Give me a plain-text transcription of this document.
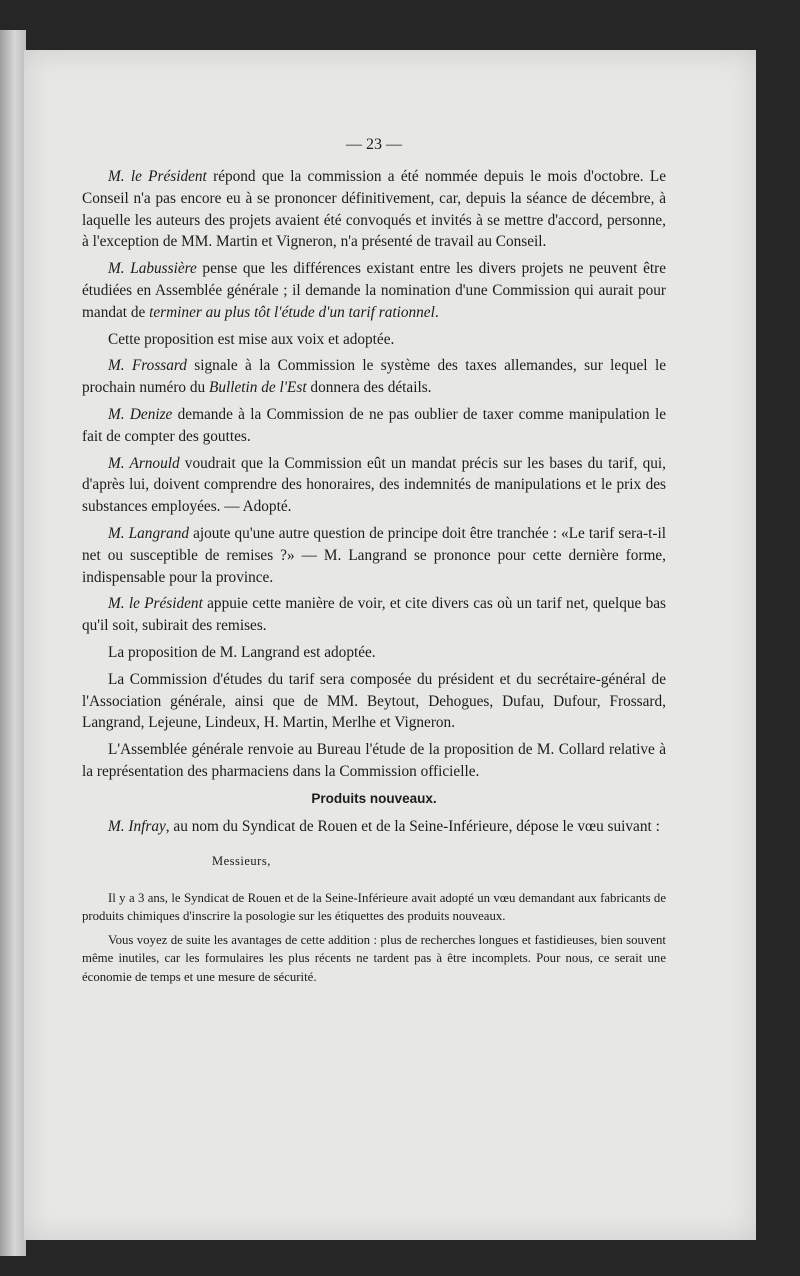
— 23 —

M. le Président répond que la commission a été nommée depuis le mois d'octobre. Le Conseil n'a pas encore eu à se prononcer définitivement, car, depuis la séance de décembre, à laquelle les auteurs des projets avaient été convoqués et invités à se mettre d'accord, personne, à l'exception de MM. Martin et Vigneron, n'a présenté de travail au Conseil.

M. Labussière pense que les différences existant entre les divers projets ne peuvent être étudiées en Assemblée générale ; il demande la nomination d'une Commission qui aurait pour mandat de terminer au plus tôt l'étude d'un tarif rationnel.

Cette proposition est mise aux voix et adoptée.

M. Frossard signale à la Commission le système des taxes allemandes, sur lequel le prochain numéro du Bulletin de l'Est donnera des détails.

M. Denize demande à la Commission de ne pas oublier de taxer comme manipulation le fait de compter des gouttes.

M. Arnould voudrait que la Commission eût un mandat précis sur les bases du tarif, qui, d'après lui, doivent comprendre des honoraires, des indemnités de manipulations et le prix des substances employées. — Adopté.

M. Langrand ajoute qu'une autre question de principe doit être tranchée : «Le tarif sera-t-il net ou susceptible de remises ?» — M. Langrand se prononce pour cette dernière forme, indispensable pour la province.

M. le Président appuie cette manière de voir, et cite divers cas où un tarif net, quelque bas qu'il soit, subirait des remises.

La proposition de M. Langrand est adoptée.

La Commission d'études du tarif sera composée du président et du secrétaire-général de l'Association générale, ainsi que de MM. Beytout, Dehogues, Dufau, Dufour, Frossard, Langrand, Lejeune, Lindeux, H. Martin, Merlhe et Vigneron.

L'Assemblée générale renvoie au Bureau l'étude de la proposition de M. Collard relative à la représentation des pharmaciens dans la Commission officielle.

Produits nouveaux.

M. Infray, au nom du Syndicat de Rouen et de la Seine-Inférieure, dépose le vœu suivant :

Messieurs,

Il y a 3 ans, le Syndicat de Rouen et de la Seine-Inférieure avait adopté un vœu demandant aux fabricants de produits chimiques d'inscrire la posologie sur les étiquettes des produits nouveaux.

Vous voyez de suite les avantages de cette addition : plus de recherches longues et fastidieuses, bien souvent même inutiles, car les formulaires les plus récents ne tardent pas à être incomplets. Pour nous, ce serait une économie de temps et une mesure de sécurité.
